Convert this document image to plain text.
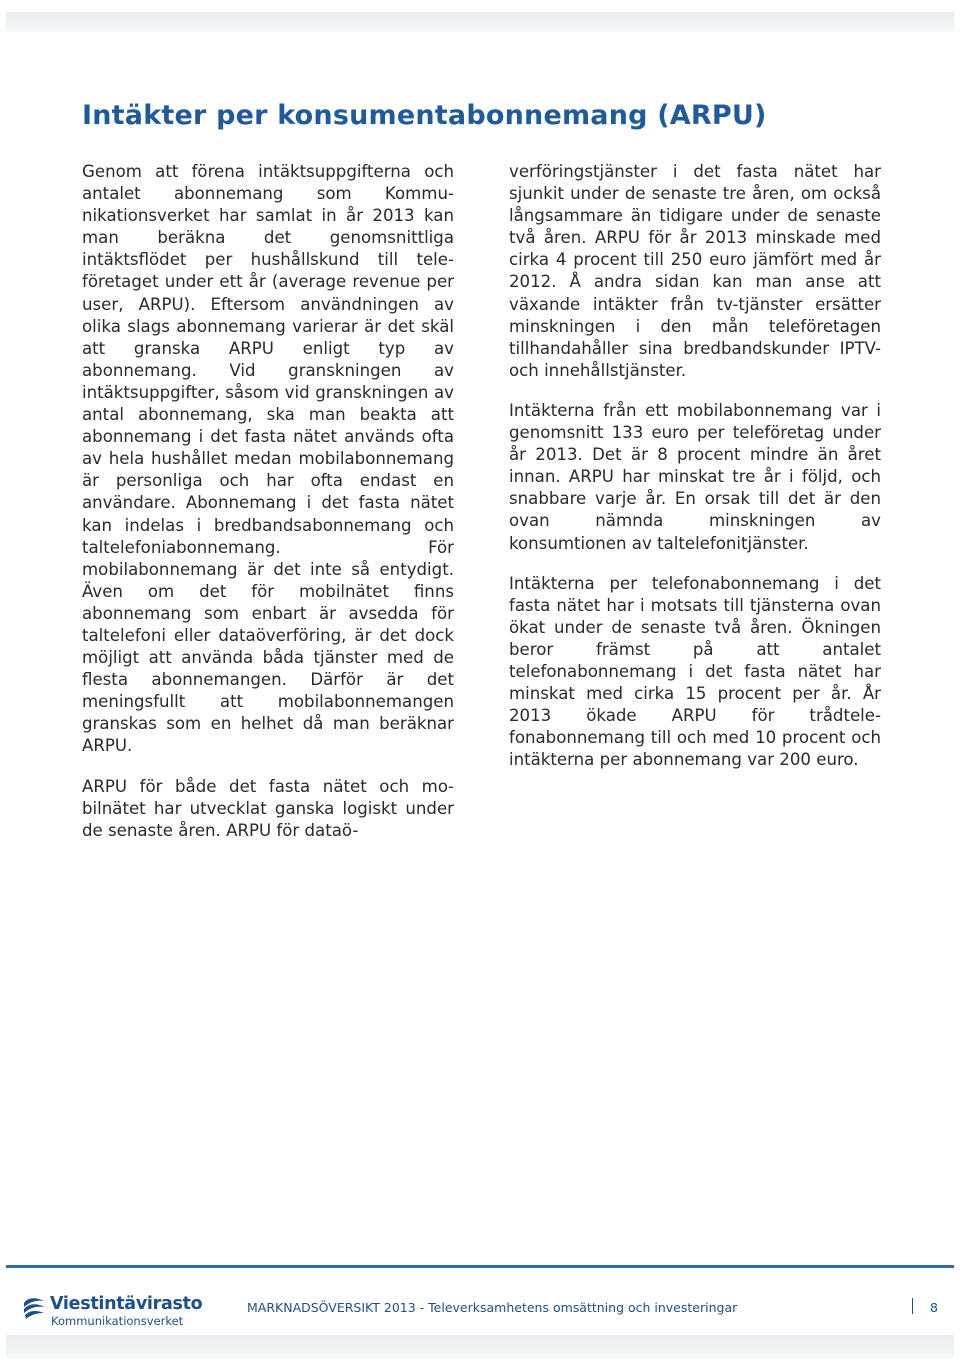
Intäkter per konsumentabonnemang (ARPU)

Genom att förena intäktsuppgifterna och antalet abonnemang som Kommunikationsverket har samlat in år 2013 kan man beräkna det genomsnittliga intäktsflödet per hushållskund till teleföretaget under ett år (average revenue per user, ARPU). Eftersom användningen av olika slags abonnemang varierar är det skäl att granska ARPU enligt typ av abonnemang. Vid granskningen av intäktsuppgifter, såsom vid granskningen av antal abonnemang, ska man beakta att abonnemang i det fasta nätet används ofta av hela hushållet medan mobilabonnemang är personliga och har ofta endast en användare. Abonnemang i det fasta nätet kan indelas i bredbandsabonnemang och taltelefoniabonnemang. För mobilabonnemang är det inte så entydigt. Även om det för mobilnätet finns abonnemang som enbart är avsedda för taltelefoni eller dataöverföring, är det dock möjligt att använda båda tjänster med de flesta abonnemangen. Därför är det meningsfullt att mobilabonnemangen granskas som en helhet då man beräknar ARPU.

ARPU för både det fasta nätet och mobilnätet har utvecklat ganska logiskt under de senaste åren. ARPU för dataö-

verföringstjänster i det fasta nätet har sjunkit under de senaste tre åren, om också långsammare än tidigare under de senaste två åren. ARPU för år 2013 minskade med cirka 4 procent till 250 euro jämfört med år 2012. Å andra sidan kan man anse att växande intäkter från tv-tjänster ersätter minskningen i den mån teleföretagen tillhandahåller sina bredbandskunder IPTV- och innehållstjänster.

Intäkterna från ett mobilabonnemang var i genomsnitt 133 euro per teleföretag under år 2013. Det är 8 procent mindre än året innan. ARPU har minskat tre år i följd, och snabbare varje år. En orsak till det är den ovan nämnda minskningen av konsumtionen av taltelefonitjänster.

Intäkterna per telefonabonnemang i det fasta nätet har i motsats till tjänsterna ovan ökat under de senaste två åren. Ökningen beror främst på att antalet telefonabonnemang i det fasta nätet har minskat med cirka 15 procent per år. År 2013 ökade ARPU för trådtelefonabonnemang till och med 10 procent och intäkterna per abonnemang var 200 euro.

Viestintävirasto
Kommunikationsverket
MARKNADSÖVERSIKT 2013 - Televerksamhetens omsättning och investeringar	8
